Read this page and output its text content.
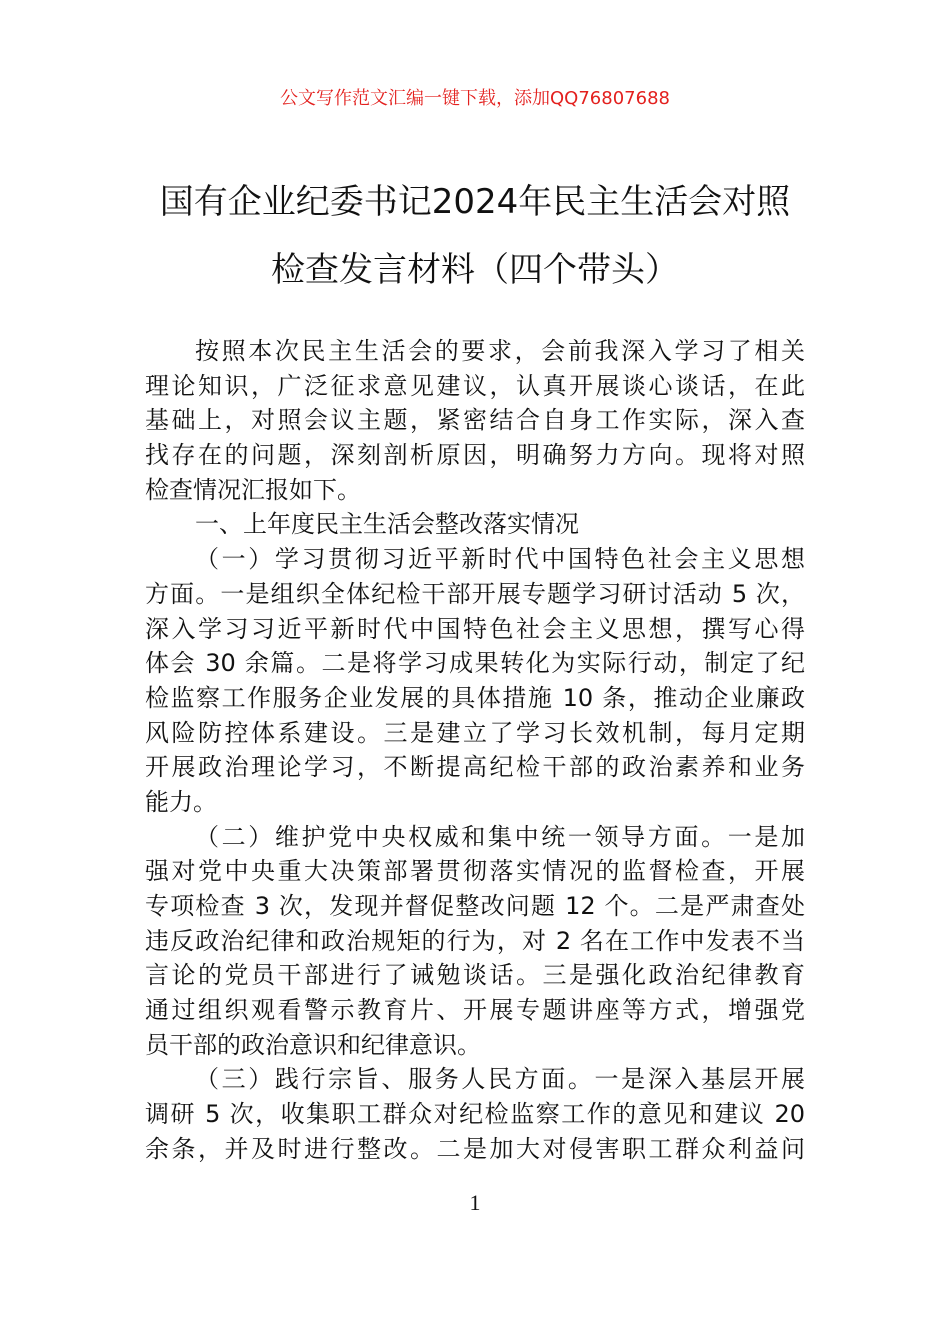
公文写作范文汇编一键下载，添加QQ76807688
国有企业纪委书记2024年民主生活会对照
检查发言材料（四个带头）
按照本次民主生活会的要求，会前我深入学习了相关
理论知识，广泛征求意见建议，认真开展谈心谈话，在此
基础上，对照会议主题，紧密结合自身工作实际，深入查
找存在的问题，深刻剖析原因，明确努力方向。现将对照
检查情况汇报如下。
一、上年度民主生活会整改落实情况
（一）学习贯彻习近平新时代中国特色社会主义思想
方面。一是组织全体纪检干部开展专题学习研讨活动 5 次，
深入学习习近平新时代中国特色社会主义思想，撰写心得
体会 30 余篇。二是将学习成果转化为实际行动，制定了纪
检监察工作服务企业发展的具体措施 10 条，推动企业廉政
风险防控体系建设。三是建立了学习长效机制，每月定期
开展政治理论学习，不断提高纪检干部的政治素养和业务
能力。
（二）维护党中央权威和集中统一领导方面。一是加
强对党中央重大决策部署贯彻落实情况的监督检查，开展
专项检查 3 次，发现并督促整改问题 12 个。二是严肃查处
违反政治纪律和政治规矩的行为，对 2 名在工作中发表不当
言论的党员干部进行了诫勉谈话。三是强化政治纪律教育
通过组织观看警示教育片、开展专题讲座等方式，增强党
员干部的政治意识和纪律意识。
（三）践行宗旨、服务人民方面。一是深入基层开展
调研 5 次，收集职工群众对纪检监察工作的意见和建议 20
余条，并及时进行整改。二是加大对侵害职工群众利益问
1
